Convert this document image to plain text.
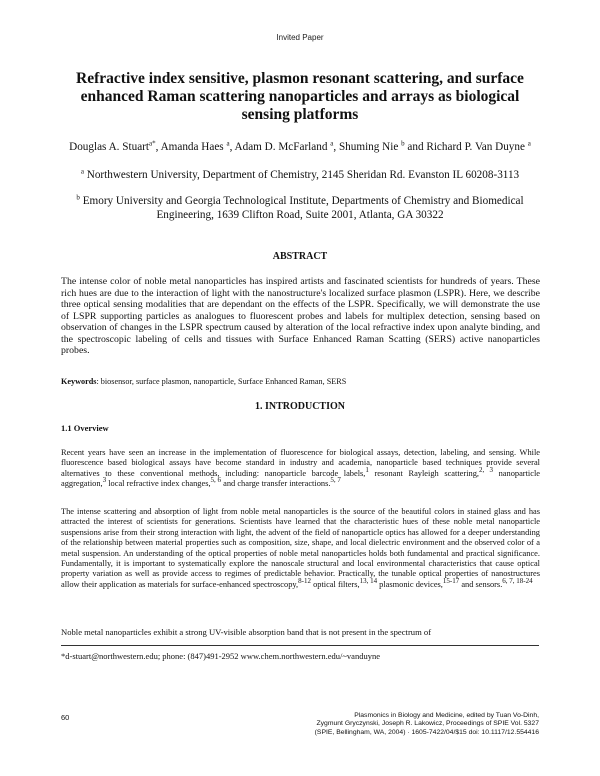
Invited Paper
Refractive index sensitive, plasmon resonant scattering, and surface enhanced Raman scattering nanoparticles and arrays as biological sensing platforms
Douglas A. Stuart$^{a*}$, Amanda Haes $^a$, Adam D. McFarland $^a$, Shuming Nie $^b$ and Richard P. Van Duyne $^a$
$^a$ Northwestern University, Department of Chemistry, 2145 Sheridan Rd. Evanston IL 60208-3113
$^b$ Emory University and Georgia Technological Institute, Departments of Chemistry and Biomedical Engineering, 1639 Clifton Road, Suite 2001, Atlanta, GA 30322
ABSTRACT

The intense color of noble metal nanoparticles has inspired artists and fascinated scientists for hundreds of years. These rich hues are due to the interaction of light with the nanostructure's localized surface plasmon (LSPR). Here, we describe three optical sensing modalities that are dependant on the effects of the LSPR. Specifically, we will demonstrate the use of LSPR supporting particles as analogues to fluorescent probes and labels for multiplex detection, sensing based on observation of changes in the LSPR spectrum caused by alteration of the local refractive index upon analyte binding, and the spectroscopic labeling of cells and tissues with Surface Enhanced Raman Scatting (SERS) active nanoparticles probes.

Keywords: biosensor, surface plasmon, nanoparticle, Surface Enhanced Raman, SERS

1. INTRODUCTION
1.1 Overview

Recent years have seen an increase in the implementation of fluorescence for biological assays, detection, labeling, and sensing. While fluorescence based biological assays have become standard in industry and academia, nanoparticle based techniques provide several alternatives to these conventional methods, including: nanoparticle barcode labels,$^1$ resonant Rayleigh scattering,$^{2, 3}$ nanoparticle aggregation,$^3$ local refractive index changes,$^{5, 6}$ and charge transfer interactions.$^{5, 7}$

The intense scattering and absorption of light from noble metal nanoparticles is the source of the beautiful colors in stained glass and has attracted the interest of scientists for generations. Scientists have learned that the characteristic hues of these noble metal nanoparticle suspensions arise from their strong interaction with light, the advent of the field of nanoparticle optics has allowed for a deeper understanding of the relationship between material properties such as composition, size, shape, and local dielectric environment and the observed color of a metal suspension. An understanding of the optical properties of noble metal nanoparticles holds both fundamental and practical significance. Fundamentally, it is important to systematically explore the nanoscale structural and local environmental characteristics that cause optical property variation as well as provide access to regimes of predictable behavior. Practically, the tunable optical properties of nanostructures allow their application as materials for surface-enhanced spectroscopy,$^{8-12}$ optical filters,$^{13, 14}$ plasmonic devices,$^{15-17}$ and sensors.$^{6, 7, 18-24}$

Noble metal nanoparticles exhibit a strong UV-visible absorption band that is not present in the spectrum of

*d-stuart@northwestern.edu; phone: (847)491-2952 www.chem.northwestern.edu/~vanduyne
60	Plasmonics in Biology and Medicine, edited by Tuan Vo-Dinh,
Zygmunt Gryczynski, Joseph R. Lakowicz, Proceedings of SPIE Vol. 5327
(SPIE, Bellingham, WA, 2004) · 1605-7422/04/$15 doi: 10.1117/12.554416
